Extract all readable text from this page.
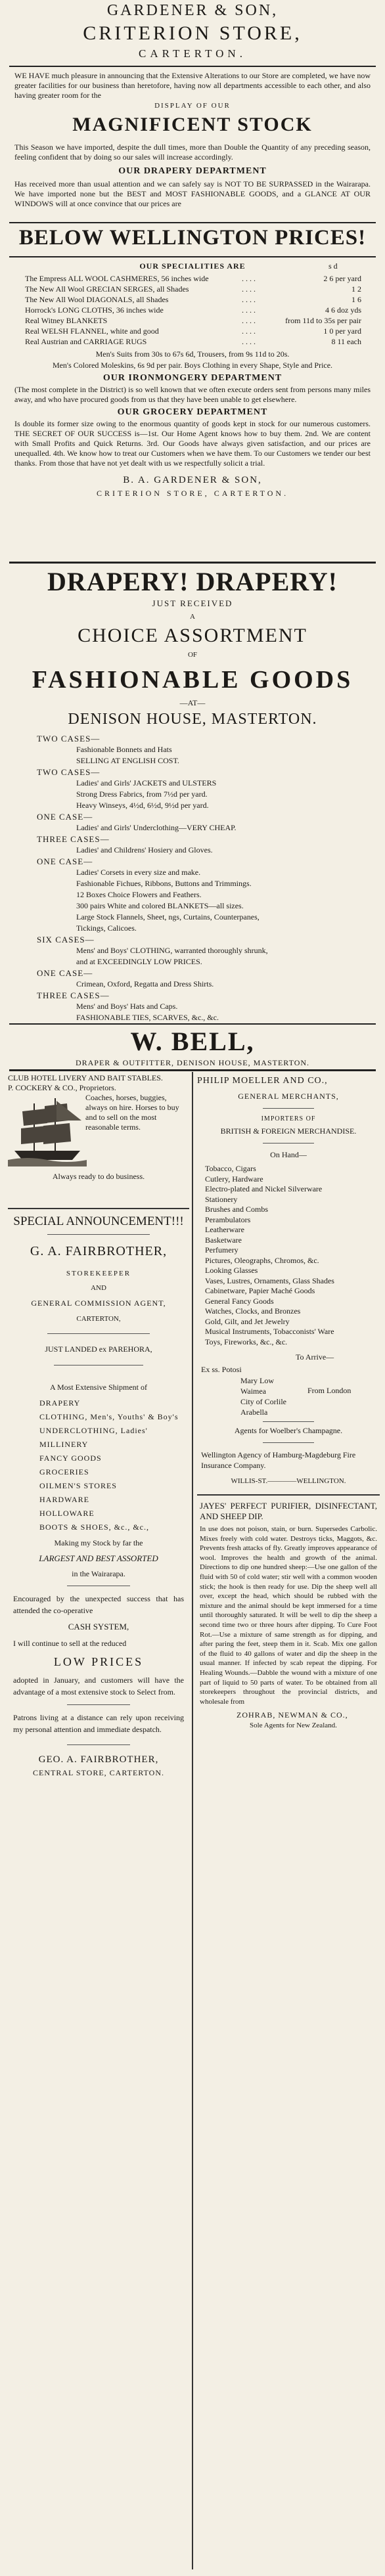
GARDENER & SON,
CRITERION STORE,
CARTERTON.

WE HAVE much pleasure in announcing that the Extensive Alterations to our Store are completed, we have now greater facilities for our business than heretofore, having now all departments accessible to each other, and also having greater room for the

DISPLAY OF OUR
MAGNIFICENT STOCK

This Season we have imported, despite the dull times, more than Double the Quantity of any preceding season, feeling confident that by doing so our sales will increase accordingly.

OUR DRAPERY DEPARTMENT

Has received more than usual attention and we can safely say is NOT TO BE SURPASSED in the Wairarapa. We have imported none but the BEST and MOST FASHIONABLE GOODS, and a GLANCE AT OUR WINDOWS will at once convince that our prices are

BELOW WELLINGTON PRICES!
OUR SPECIALITIES ARE	s d
The Empress ALL WOOL CASHMERES, 56 inches wide	. . . .	2 6 per yard
The New All Wool GRECIAN SERGES, all Shades	. . . .	1 2
The New All Wool DIAGONALS, all Shades	. . . .	1 6
Horrock's LONG CLOTHS, 36 inches wide	. . . .	4 6 doz yds
Real Witney BLANKETS	. . . .	from 11d to 35s per pair
Real WELSH FLANNEL, white and good	. . . .	1 0 per yard
Real Austrian and CARRIAGE RUGS	. . . .	8 11 each
Men's Suits from 30s to 67s 6d, Trousers, from 9s 11d to 20s.
Men's Colored Moleskins, 6s 9d per pair. Boys Clothing in every Shape, Style and Price.
OUR IRONMONGERY DEPARTMENT

(The most complete in the District) is so well known that we often execute orders sent from persons many miles away, and who have procured goods from us that they have been unable to get elsewhere.

OUR GROCERY DEPARTMENT

Is double its former size owing to the enormous quantity of goods kept in stock for our numerous customers. THE SECRET OF OUR SUCCESS is—1st. Our Home Agent knows how to buy them. 2nd. We are content with Small Profits and Quick Returns. 3rd. Our Goods have always given satisfaction, and our prices are unequalled. 4th. We know how to treat our Customers when we have them. To our Customers we tender our best thanks. From those that have not yet dealt with us we respectfully solicit a trial.

B. A. GARDENER & SON,
CRITERION STORE, CARTERTON.
DRAPERY! DRAPERY!
JUST RECEIVED
A
CHOICE ASSORTMENT
OF
FASHIONABLE GOODS
—AT—
DENISON HOUSE, MASTERTON.
TWO CASES—
Fashionable Bonnets and Hats
SELLING AT ENGLISH COST.
TWO CASES—
Ladies' and Girls' JACKETS and ULSTERS
Strong Dress Fabrics, from 7½d per yard.
Heavy Winseys, 4½d, 6½d, 9½d per yard.
ONE CASE—
Ladies' and Girls' Underclothing—VERY CHEAP.
THREE CASES—
Ladies' and Childrens' Hosiery and Gloves.
ONE CASE—
Ladies' Corsets in every size and make.
Fashionable Fichues, Ribbons, Buttons and Trimmings.
12 Boxes Choice Flowers and Feathers.
300 pairs White and colored BLANKETS—all sizes.
Large Stock Flannels, Sheet, ngs, Curtains, Counterpanes,
Tickings, Calicoes.
SIX CASES—
Mens' and Boys' CLOTHING, warranted thoroughly shrunk,
and at EXCEEDINGLY LOW PRICES.
ONE CASE—
Crimean, Oxford, Regatta and Dress Shirts.
THREE CASES—
Mens' and Boys' Hats and Caps.
FASHIONABLE TIES, SCARVES, &c., &c.
W. BELL,
DRAPER & OUTFITTER, DENISON HOUSE, MASTERTON.
CLUB HOTEL LIVERY AND BAIT STABLES.
P. COCKERY & CO., Proprietors.
Coaches, horses, buggies, always on hire. Horses to buy and to sell on the most reasonable terms.
Always ready to do business.
SPECIAL ANNOUNCEMENT!!!
G. A. FAIRBROTHER,
STOREKEEPER
AND
GENERAL COMMISSION AGENT,
CARTERTON,
JUST LANDED ex PAREHORA,
A Most Extensive Shipment of
DRAPERY
CLOTHING, Men's, Youths' & Boy's
UNDERCLOTHING, Ladies'
MILLINERY
FANCY GOODS
GROCERIES
OILMEN'S STORES
HARDWARE
HOLLOWARE
BOOTS & SHOES, &c., &c.,
Making my Stock by far the
LARGEST AND BEST ASSORTED
in the Wairarapa.
Encouraged by the unexpected success that has attended the co-operative
CASH SYSTEM,
I will continue to sell at the reduced
LOW PRICES
adopted in January, and customers will have the advantage of a most extensive stock to Select from.
Patrons living at a distance can rely upon receiving my personal attention and immediate despatch.
GEO. A. FAIRBROTHER,
CENTRAL STORE, CARTERTON.
PHILIP MOELLER AND CO.,
GENERAL MERCHANTS,
IMPORTERS OF
BRITISH & FOREIGN MERCHANDISE.
On Hand—
Tobacco, Cigars
Cutlery, Hardware
Electro-plated and Nickel Silverware
Stationery
Brushes and Combs
Perambulators
Leatherware
Basketware
Perfumery
Pictures, Oleographs, Chromos, &c.
Looking Glasses
Vases, Lustres, Ornaments, Glass Shades
Cabinetware, Papier Maché Goods
General Fancy Goods
Watches, Clocks, and Bronzes
Gold, Gilt, and Jet Jewelry
Musical Instruments, Tobacconists' Ware
Toys, Fireworks, &c., &c.
To Arrive—
Ex ss. Potosi
Mary Low
Waimea
City of Corlile
Arabella
From London
Agents for Woelber's Champagne.
Wellington Agency of Hamburg-Magdeburg Fire Insurance Company.
WILLIS-ST.————WELLINGTON.
JAYES' PERFECT PURIFIER, DISINFECTANT, AND SHEEP DIP.
In use does not poison, stain, or burn. Supersedes Carbolic. Mixes freely with cold water. Destroys ticks, Maggots, &c. Prevents fresh attacks of fly. Greatly improves appearance of wool. Improves the health and growth of the animal. Directions to dip one hundred sheep:—Use one gallon of the fluid with 50 of cold water; stir well with a common wooden stick; the hook is then ready for use. Dip the sheep well all over, except the head, which should be rubbed with the mixture and the animal should be kept immersed for a time until thoroughly saturated. It will be well to dip the sheep a second time two or three hours after dipping. To Cure Foot Rot.—Use a mixture of same strength as for dipping, and after paring the feet, steep them in it. Scab. Mix one gallon of the fluid to 40 gallons of water and dip the sheep in the usual manner. If infected by scab repeat the dipping. For Healing Wounds.—Dabble the wound with a mixture of one part of liquid to 50 parts of water. To be obtained from all storekeepers throughout the provincial districts, and wholesale from
ZOHRAB, NEWMAN & CO.,
Sole Agents for New Zealand.
